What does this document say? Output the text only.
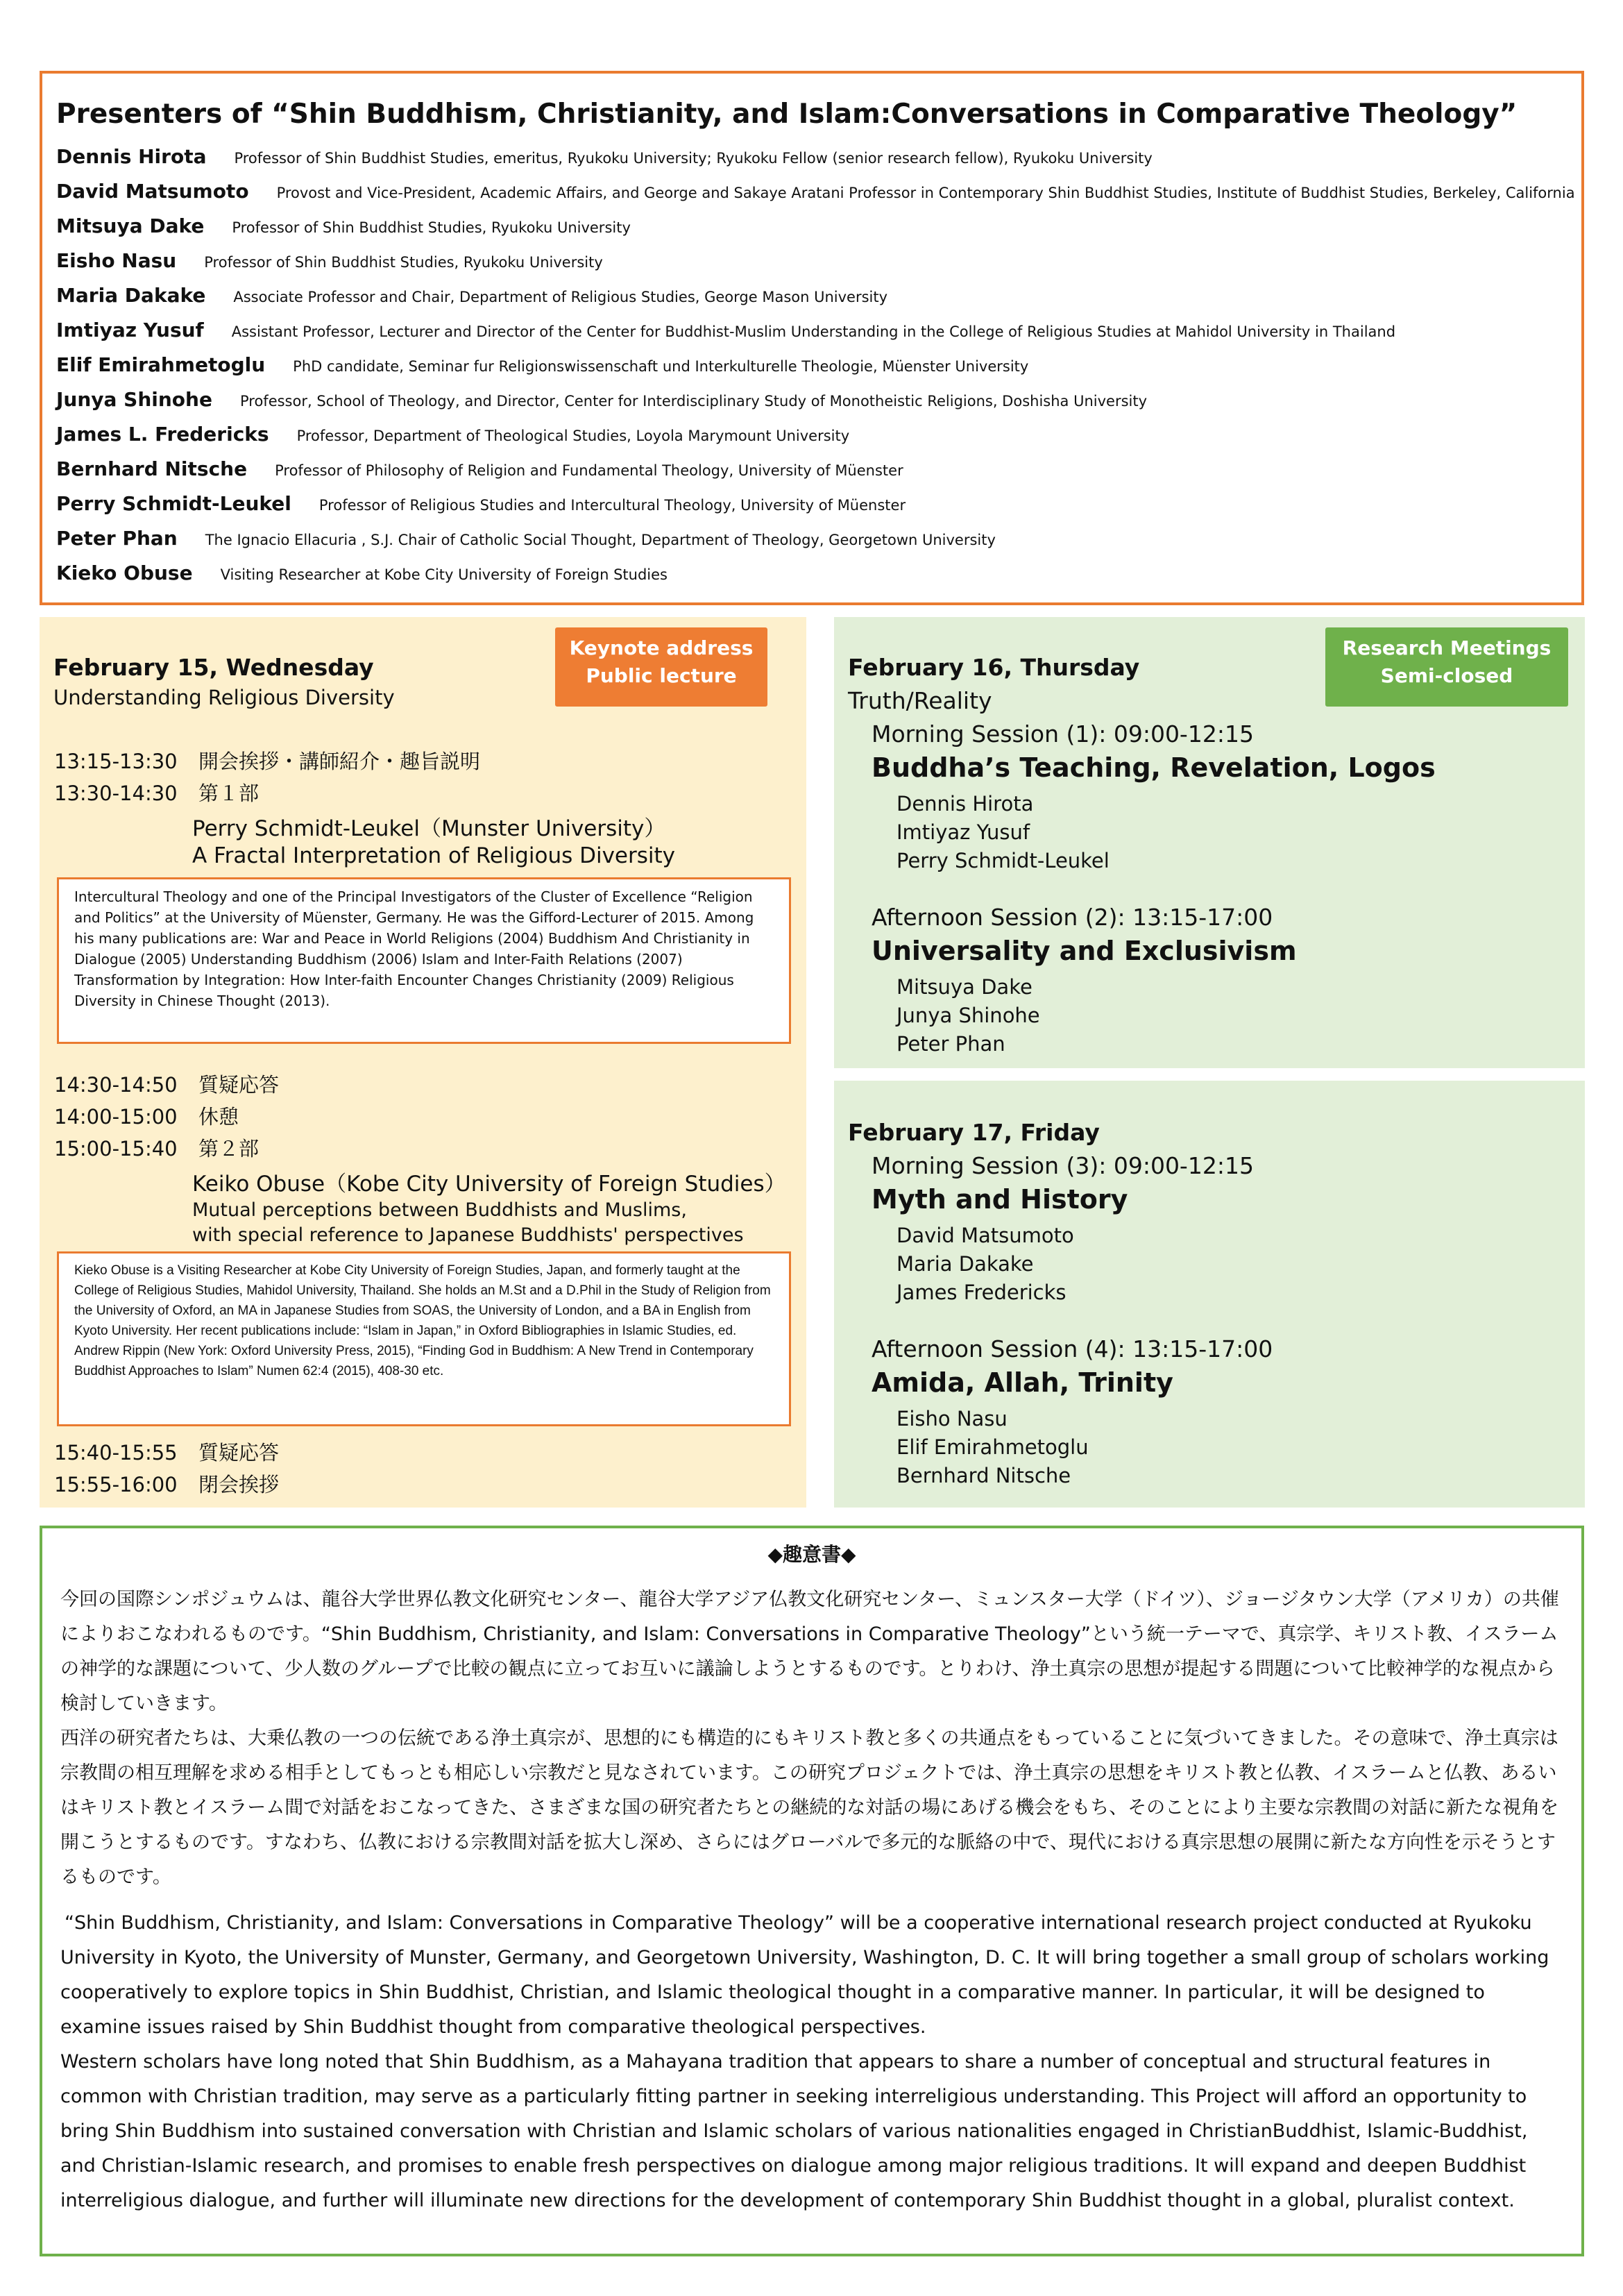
Presenters of “Shin Buddhism, Christianity, and Islam:Conversations in Comparative Theology”
Dennis Hirota Professor of Shin Buddhist Studies, emeritus, Ryukoku University; Ryukoku Fellow (senior research fellow), Ryukoku University
David Matsumoto Provost and Vice-President, Academic Affairs, and George and Sakaye Aratani Professor in Contemporary Shin Buddhist Studies, Institute of Buddhist Studies, Berkeley, California
Mitsuya Dake Professor of Shin Buddhist Studies, Ryukoku University
Eisho Nasu Professor of Shin Buddhist Studies, Ryukoku University
Maria Dakake Associate Professor and Chair, Department of Religious Studies, George Mason University
Imtiyaz Yusuf Assistant Professor, Lecturer and Director of the Center for Buddhist-Muslim Understanding in the College of Religious Studies at Mahidol University in Thailand
Elif Emirahmetoglu PhD candidate, Seminar fur Religionswissenschaft und Interkulturelle Theologie, Müenster University
Junya Shinohe Professor, School of Theology, and Director, Center for Interdisciplinary Study of Monotheistic Religions, Doshisha University
James L. Fredericks Professor, Department of Theological Studies, Loyola Marymount University
Bernhard Nitsche Professor of Philosophy of Religion and Fundamental Theology, University of Müenster
Perry Schmidt-Leukel Professor of Religious Studies and Intercultural Theology, University of Müenster
Peter Phan The Ignacio Ellacuria , S.J. Chair of Catholic Social Thought, Department of Theology, Georgetown University
Kieko Obuse Visiting Researcher at Kobe City University of Foreign Studies
Keynote address
Public lecture
February 15, Wednesday
Understanding Religious Diversity
13:15-13:30 開会挨拶・講師紹介・趣旨説明
13:30-14:30 第１部
Perry Schmidt-Leukel（Munster University）
A Fractal Interpretation of Religious Diversity
Intercultural Theology and one of the Principal Investigators of the Cluster of Excellence “Religion and Politics” at the University of Müenster, Germany. He was the Gifford-Lecturer of 2015. Among his many publications are: War and Peace in World Religions (2004) Buddhism And Christianity in Dialogue (2005) Understanding Buddhism (2006) Islam and Inter-Faith Relations (2007) Transformation by Integration: How Inter-faith Encounter Changes Christianity (2009) Religious Diversity in Chinese Thought (2013).
14:30-14:50 質疑応答
14:00-15:00 休憩
15:00-15:40 第２部
Keiko Obuse（Kobe City University of Foreign Studies）
Mutual perceptions between Buddhists and Muslims,
with special reference to Japanese Buddhists' perspectives
Kieko Obuse is a Visiting Researcher at Kobe City University of Foreign Studies, Japan, and formerly taught at the College of Religious Studies, Mahidol University, Thailand. She holds an M.St and a D.Phil in the Study of Religion from the University of Oxford, an MA in Japanese Studies from SOAS, the University of London, and a BA in English from Kyoto University. Her recent publications include: “Islam in Japan,” in Oxford Bibliographies in Islamic Studies, ed. Andrew Rippin (New York: Oxford University Press, 2015), “Finding God in Buddhism: A New Trend in Contemporary Buddhist Approaches to Islam” Numen 62:4 (2015), 408-30 etc.
15:40-15:55 質疑応答
15:55-16:00 閉会挨拶
Research Meetings
Semi-closed
February 16, Thursday
Truth/Reality
Morning Session (1): 09:00-12:15
Buddha’s Teaching, Revelation, Logos
Dennis Hirota
Imtiyaz Yusuf
Perry Schmidt-Leukel
Afternoon Session (2): 13:15-17:00
Universality and Exclusivism
Mitsuya Dake
Junya Shinohe
Peter Phan
February 17, Friday
Morning Session (3): 09:00-12:15
Myth and History
David Matsumoto
Maria Dakake
James Fredericks
Afternoon Session (4): 13:15-17:00
Amida, Allah, Trinity
Eisho Nasu
Elif Emirahmetoglu
Bernhard Nitsche
◆趣意書◆

今回の国際シンポジュウムは、龍谷大学世界仏教文化研究センター、龍谷大学アジア仏教文化研究センター、ミュンスター大学（ドイツ）、ジョージタウン大学（アメリカ）の共催によりおこなわれるものです。“Shin Buddhism, Christianity, and Islam: Conversations in Comparative Theology”という統一テーマで、真宗学、キリスト教、イスラームの神学的な課題について、少人数のグループで比較の観点に立ってお互いに議論しようとするものです。とりわけ、浄土真宗の思想が提起する問題について比較神学的な視点から検討していきます。

西洋の研究者たちは、大乗仏教の一つの伝統である浄土真宗が、思想的にも構造的にもキリスト教と多くの共通点をもっていることに気づいてきました。その意味で、浄土真宗は宗教間の相互理解を求める相手としてもっとも相応しい宗教だと見なされています。この研究プロジェクトでは、浄土真宗の思想をキリスト教と仏教、イスラームと仏教、あるいはキリスト教とイスラーム間で対話をおこなってきた、さまざまな国の研究者たちとの継続的な対話の場にあげる機会をもち、そのことにより主要な宗教間の対話に新たな視角を開こうとするものです。すなわち、仏教における宗教間対話を拡大し深め、さらにはグローバルで多元的な脈絡の中で、現代における真宗思想の展開に新たな方向性を示そうとするものです。

“Shin Buddhism, Christianity, and Islam: Conversations in Comparative Theology” will be a cooperative international research project conducted at Ryukoku University in Kyoto, the University of Munster, Germany, and Georgetown University, Washington, D. C. It will bring together a small group of scholars working cooperatively to explore topics in Shin Buddhist, Christian, and Islamic theological thought in a comparative manner. In particular, it will be designed to examine issues raised by Shin Buddhist thought from comparative theological perspectives.

Western scholars have long noted that Shin Buddhism, as a Mahayana tradition that appears to share a number of conceptual and structural features in common with Christian tradition, may serve as a particularly fitting partner in seeking interreligious understanding. This Project will afford an opportunity to bring Shin Buddhism into sustained conversation with Christian and Islamic scholars of various nationalities engaged in ChristianBuddhist, Islamic-Buddhist, and Christian-Islamic research, and promises to enable fresh perspectives on dialogue among major religious traditions. It will expand and deepen Buddhist interreligious dialogue, and further will illuminate new directions for the development of contemporary Shin Buddhist thought in a global, pluralist context.
